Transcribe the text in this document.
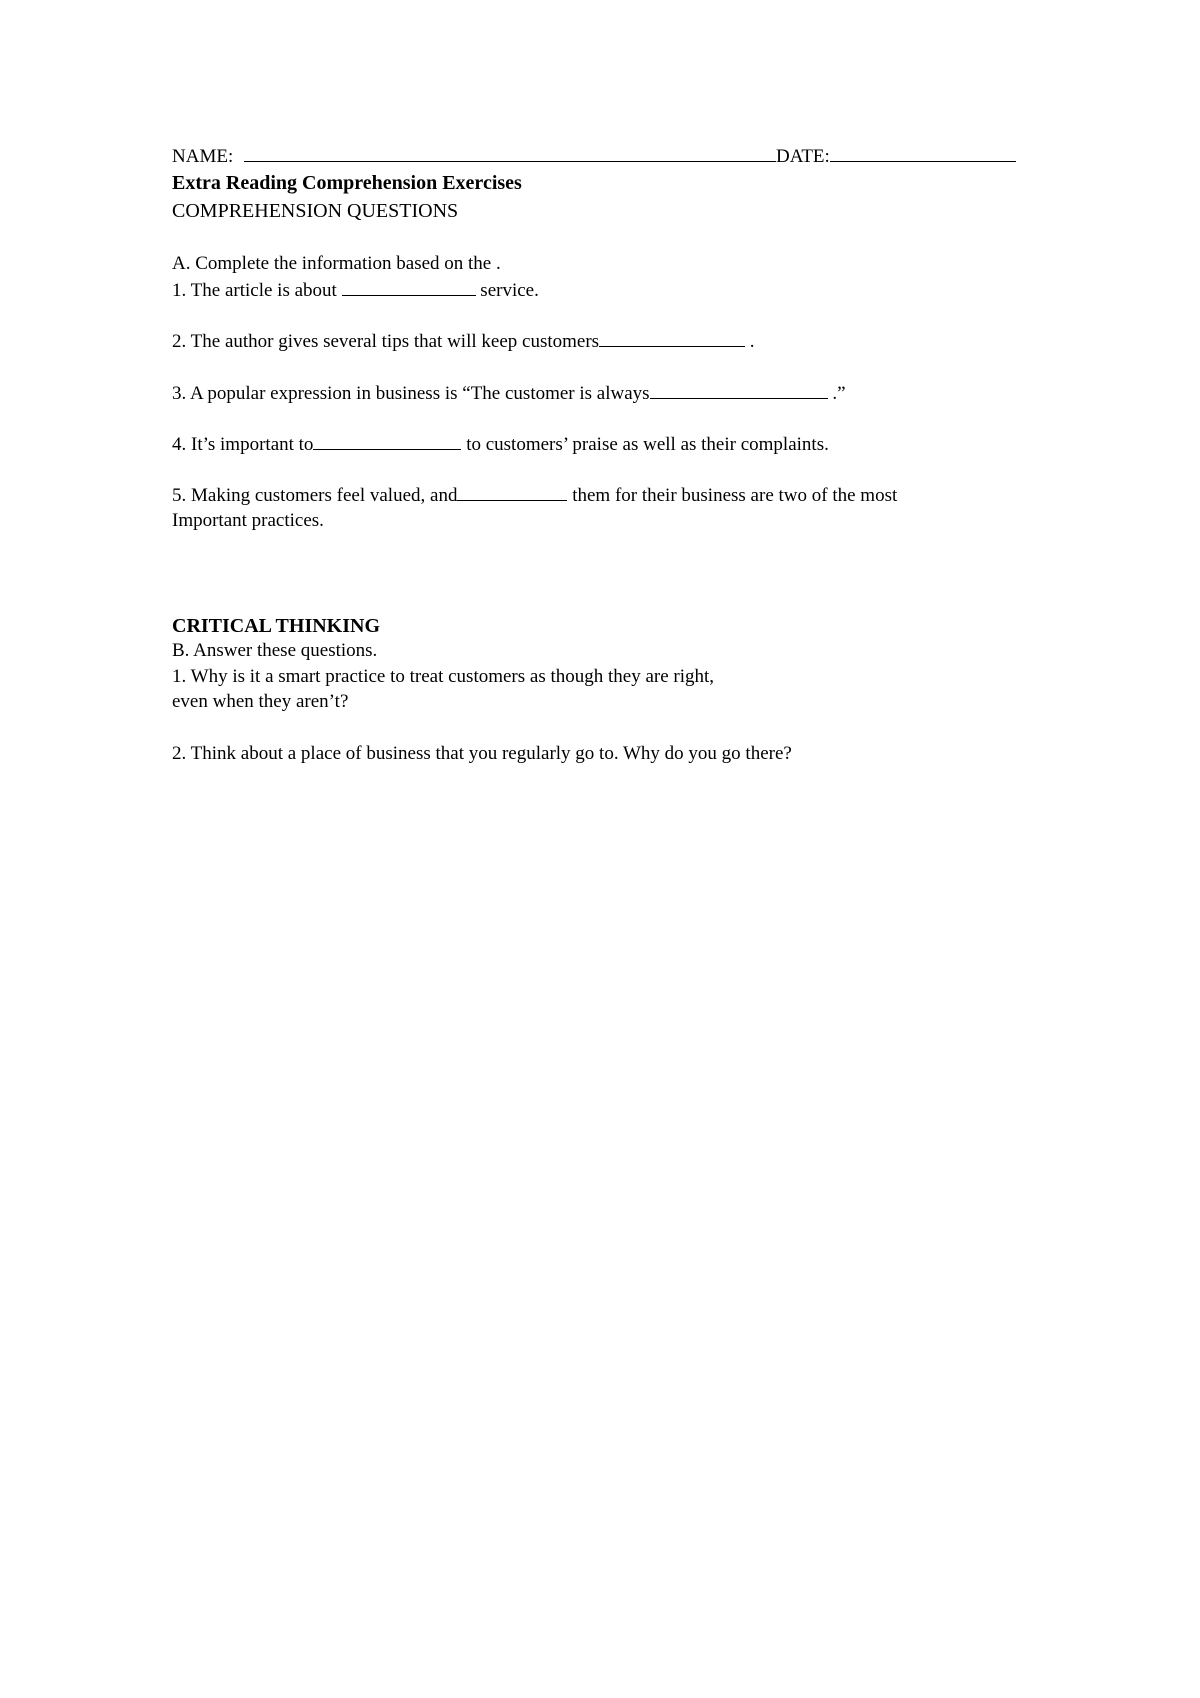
NAME:	DATE:
Extra Reading Comprehension Exercises
COMPREHENSION QUESTIONS
A. Complete the information based on the .
1. The article is about	service.
2. The author gives several tips that will keep customers	.
3. A popular expression in business is “The customer is always	.”
4. It’s important to	to customers’ praise as well as their complaints.
5. Making customers feel valued, and	them for their business are two of the most
Important practices.
CRITICAL THINKING
B. Answer these questions.
1. Why is it a smart practice to treat customers as though they are right,
even when they aren’t?
2. Think about a place of business that you regularly go to. Why do you go there?
